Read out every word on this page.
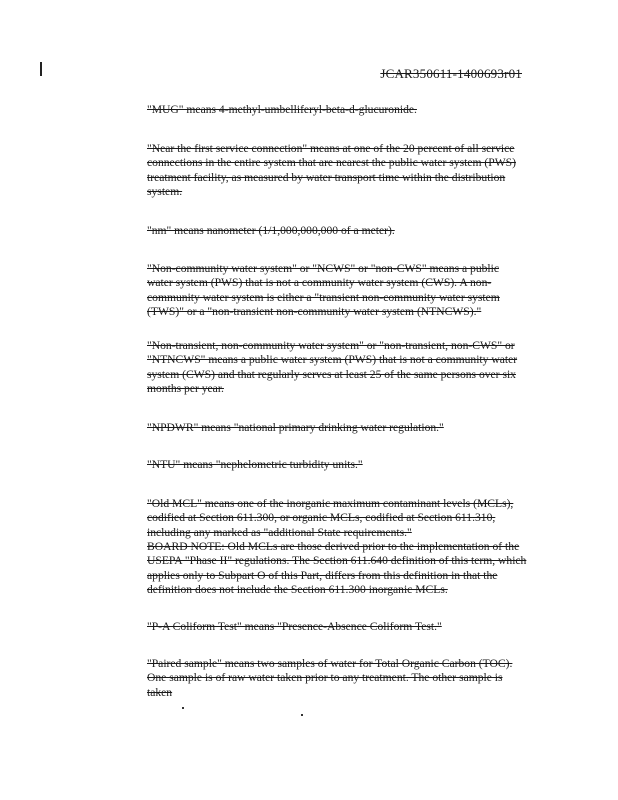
JCAR350611-1400693r01
"MUG" means 4-methyl-umbelliferyl-beta-d-glucuronide.
"Near the first service connection" means at one of the 20 percent of all service connections in the entire system that are nearest the public water system (PWS) treatment facility, as measured by water transport time within the distribution system.
"nm" means nanometer (1/1,000,000,000 of a meter).
"Non-community water system" or "NCWS" or "non-CWS" means a public water system (PWS) that is not a community water system (CWS). A non-community water system is either a "transient non-community water system (TWS)" or a "non-transient non-community water system (NTNCWS)."
"Non-transient, non-community water system" or "non-transient, non-CWS" or "NTNCWS" means a public water system (PWS) that is not a community water system (CWS) and that regularly serves at least 25 of the same persons over six months per year.
"NPDWR" means "national primary drinking water regulation."
"NTU" means "nephelometric turbidity units."
"Old MCL" means one of the inorganic maximum contaminant levels (MCLs), codified at Section 611.300, or organic MCLs, codified at Section 611.310, including any marked as "additional State requirements."
BOARD NOTE: Old MCLs are those derived prior to the implementation of the USEPA "Phase II" regulations. The Section 611.640 definition of this term, which applies only to Subpart O of this Part, differs from this definition in that the definition does not include the Section 611.300 inorganic MCLs.
"P-A Coliform Test" means "Presence-Absence Coliform Test."
"Paired sample" means two samples of water for Total Organic Carbon (TOC). One sample is of raw water taken prior to any treatment. The other sample is taken
